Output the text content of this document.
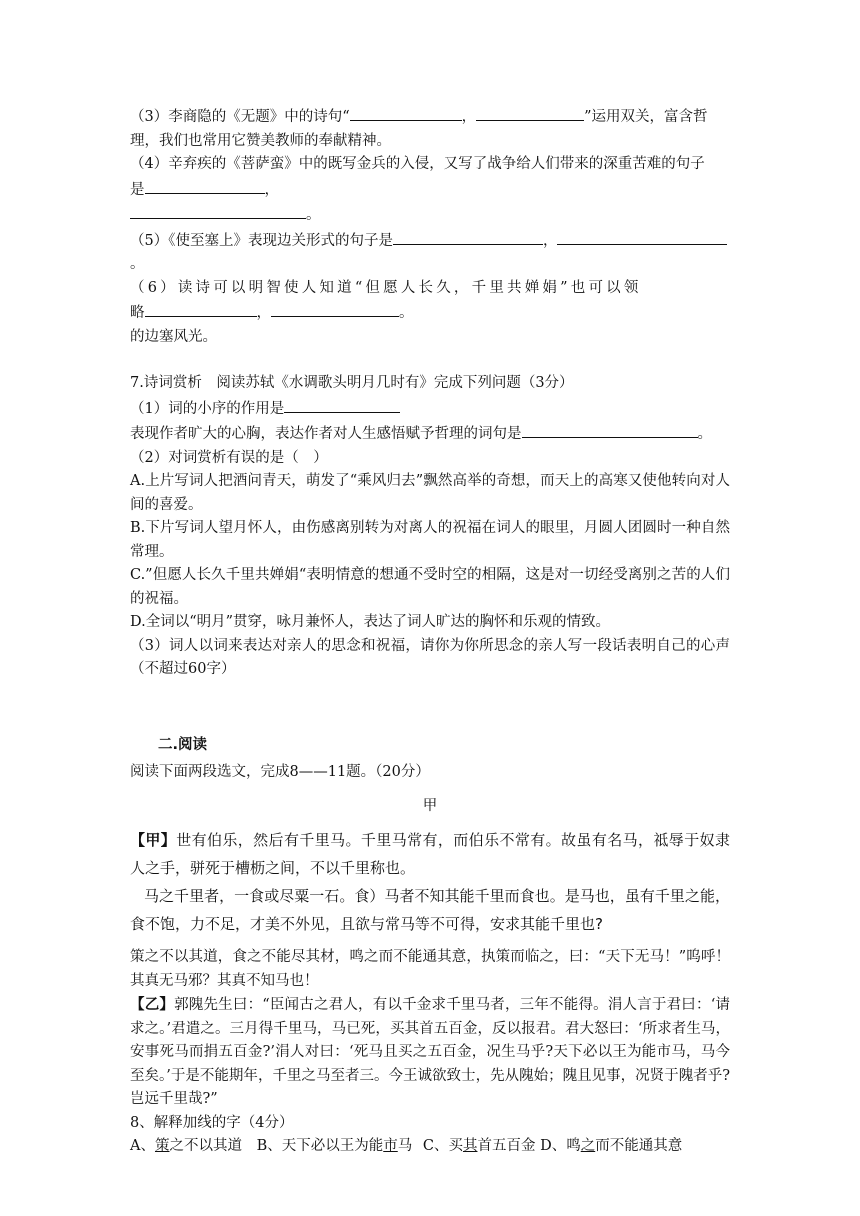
（3）李商隐的《无题》中的诗句“	，	”运用双关，富含哲

理，我们也常用它赞美教师的奉献精神。

（4）辛弃疾的《菩萨蛮》中的既写金兵的入侵，又写了战争给人们带来的深重苦难的句子

是	，

。

（5）《使至塞上》表现边关形式的句子是	，。

（6）读诗可以明智使人知道“但愿人长久，千里共婵娟”也可以领

略	，	。

的边塞风光。

7.诗词赏析　阅读苏轼《水调歌头明月几时有》完成下列问题（3分）

（1）词的小序的作用是

表现作者旷大的心胸，表达作者对人生感悟赋予哲理的词句是	。

（2）对词赏析有误的是（　）

A.上片写词人把酒问青天，萌发了“乘风归去”飘然高举的奇想，而天上的高寒又使他转向对人间的喜爱。

B.下片写词人望月怀人，由伤感离别转为对离人的祝福在词人的眼里，月圆人团圆时一种自然常理。

C.”但愿人长久千里共婵娟“表明情意的想通不受时空的相隔，这是对一切经受离别之苦的人们的祝福。

D.全词以“明月”贯穿，咏月兼怀人，表达了词人旷达的胸怀和乐观的情致。

（3）词人以词来表达对亲人的思念和祝福，请你为你所思念的亲人写一段话表明自己的心声（不超过60字）

二.阅读

阅读下面两段选文，完成8——11题。（20分）

甲

【甲】世有伯乐，然后有千里马。千里马常有，而伯乐不常有。故虽有名马，祗辱于奴隶人之手，骈死于槽枥之间，不以千里称也。

马之千里者，一食或尽粟一石。食）马者不知其能千里而食也。是马也，虽有千里之能，食不饱，力不足，才美不外见，且欲与常马等不可得，安求其能千里也?

策之不以其道，食之不能尽其材，鸣之而不能通其意，执策而临之，曰：“天下无马！”呜呼！其真无马邪？其真不知马也！

【乙】郭隗先生曰：“臣闻古之君人，有以千金求千里马者，三年不能得。涓人言于君曰：‘请求之。’君遣之。三月得千里马，马已死，买其首五百金，反以报君。君大怒曰：‘所求者生马，安事死马而捐五百金?’涓人对曰：‘死马且买之五百金，况生马乎?天下必以王为能市马，马今至矣。’于是不能期年，千里之马至者三。今王诚欲致士，先从隗始；隗且见事，况贤于隗者乎?岂远千里哉?”

8、解释加线的字（4分）

A、策之不以其道 B、天下必以王为能市马 C、买其首五百金 D、鸣之而不能通其意
